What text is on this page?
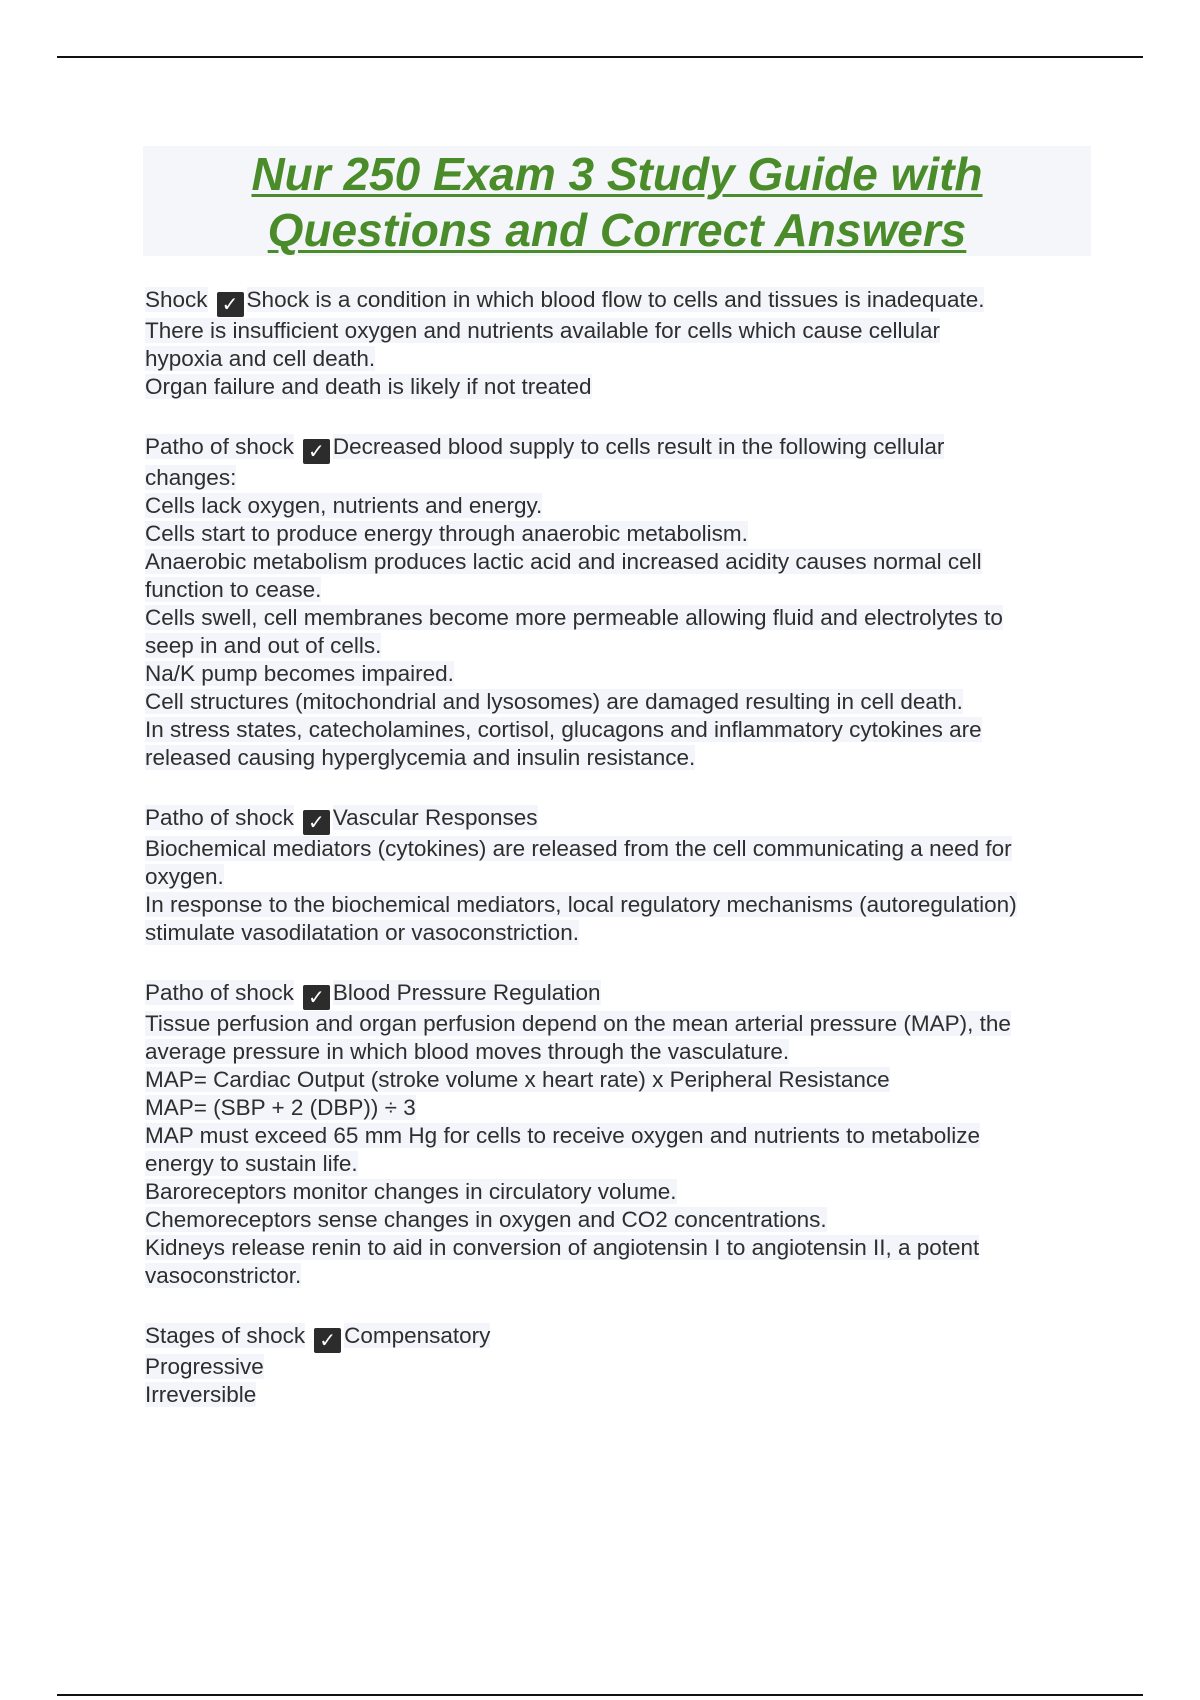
Nur 250 Exam 3 Study Guide with
Questions and Correct Answers
Shock ✓ Shock is a condition in which blood flow to cells and tissues is inadequate.
There is insufficient oxygen and nutrients available for cells which cause cellular
hypoxia and cell death.
Organ failure and death is likely if not treated
Patho of shock ✓ Decreased blood supply to cells result in the following cellular
changes:
Cells lack oxygen, nutrients and energy.
Cells start to produce energy through anaerobic metabolism.
Anaerobic metabolism produces lactic acid and increased acidity causes normal cell
function to cease.
Cells swell, cell membranes become more permeable allowing fluid and electrolytes to
seep in and out of cells.
Na/K pump becomes impaired.
Cell structures (mitochondrial and lysosomes) are damaged resulting in cell death.
In stress states, catecholamines, cortisol, glucagons and inflammatory cytokines are
released causing hyperglycemia and insulin resistance.
Patho of shock ✓ Vascular Responses
Biochemical mediators (cytokines) are released from the cell communicating a need for
oxygen.
In response to the biochemical mediators, local regulatory mechanisms (autoregulation)
stimulate vasodilatation or vasoconstriction.
Patho of shock ✓ Blood Pressure Regulation
Tissue perfusion and organ perfusion depend on the mean arterial pressure (MAP), the
average pressure in which blood moves through the vasculature.
MAP= Cardiac Output (stroke volume x heart rate) x Peripheral Resistance
MAP= (SBP + 2 (DBP)) ÷ 3
MAP must exceed 65 mm Hg for cells to receive oxygen and nutrients to metabolize
energy to sustain life.
Baroreceptors monitor changes in circulatory volume.
Chemoreceptors sense changes in oxygen and CO2 concentrations.
Kidneys release renin to aid in conversion of angiotensin I to angiotensin II, a potent
vasoconstrictor.
Stages of shock ✓ Compensatory
Progressive
Irreversible
